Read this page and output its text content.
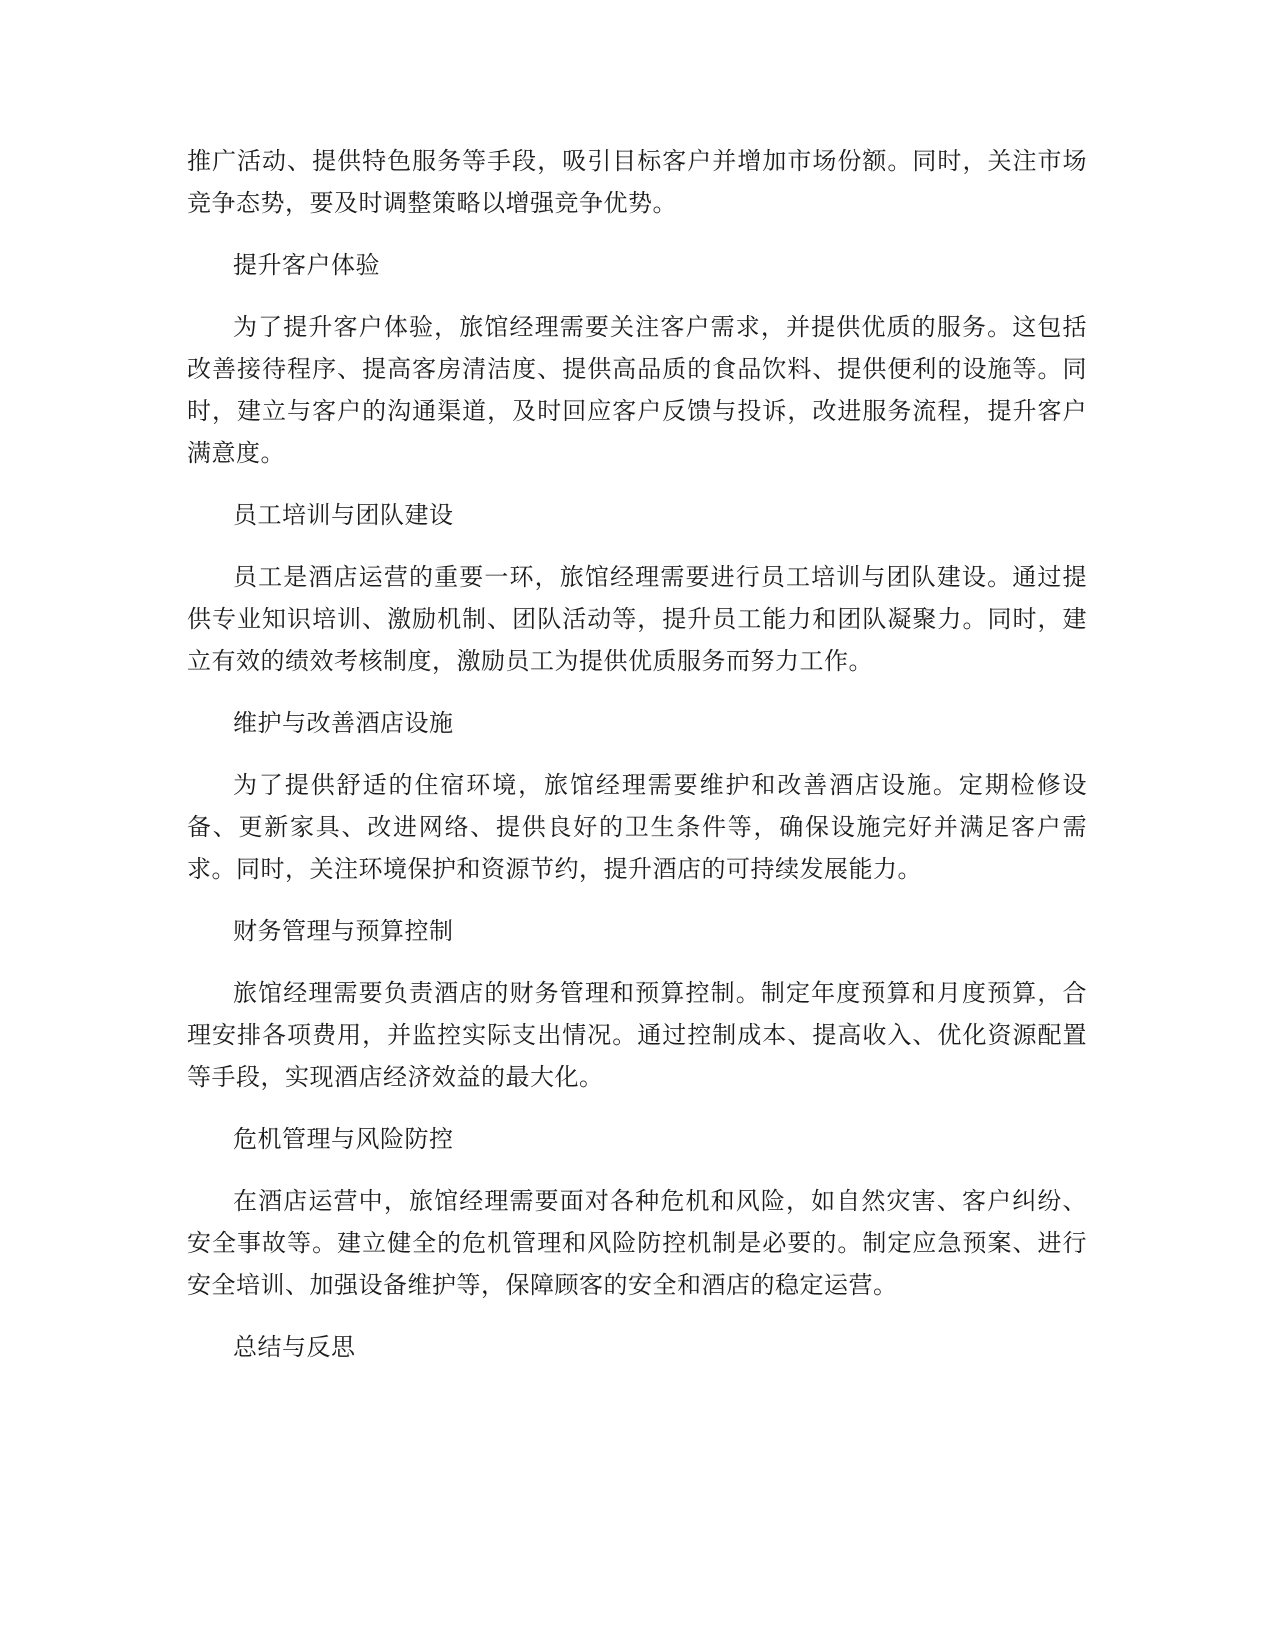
推广活动、提供特色服务等手段，吸引目标客户并增加市场份额。同时，关注市场竞争态势，要及时调整策略以增强竞争优势。

提升客户体验

为了提升客户体验，旅馆经理需要关注客户需求，并提供优质的服务。这包括改善接待程序、提高客房清洁度、提供高品质的食品饮料、提供便利的设施等。同时，建立与客户的沟通渠道，及时回应客户反馈与投诉，改进服务流程，提升客户满意度。

员工培训与团队建设

员工是酒店运营的重要一环，旅馆经理需要进行员工培训与团队建设。通过提供专业知识培训、激励机制、团队活动等，提升员工能力和团队凝聚力。同时，建立有效的绩效考核制度，激励员工为提供优质服务而努力工作。

维护与改善酒店设施

为了提供舒适的住宿环境，旅馆经理需要维护和改善酒店设施。定期检修设备、更新家具、改进网络、提供良好的卫生条件等，确保设施完好并满足客户需求。同时，关注环境保护和资源节约，提升酒店的可持续发展能力。

财务管理与预算控制

旅馆经理需要负责酒店的财务管理和预算控制。制定年度预算和月度预算，合理安排各项费用，并监控实际支出情况。通过控制成本、提高收入、优化资源配置等手段，实现酒店经济效益的最大化。

危机管理与风险防控

在酒店运营中，旅馆经理需要面对各种危机和风险，如自然灾害、客户纠纷、安全事故等。建立健全的危机管理和风险防控机制是必要的。制定应急预案、进行安全培训、加强设备维护等，保障顾客的安全和酒店的稳定运营。

总结与反思
